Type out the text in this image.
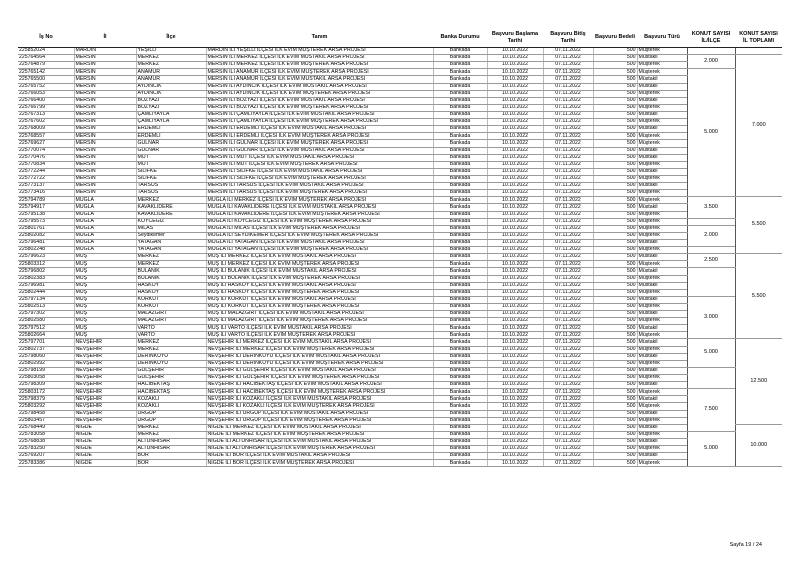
İş No	İl	İlçe	Tanım	Banka Durumu	Başvuru Başlama Tarihi	Başvuru Bitiş Tarihi	Başvuru Bedeli	Başvuru Türü	KONUT SAYISI İL/İLÇE	KONUT SAYISI İL TOPLAMI
225852024	MARDİN	YEŞİLLİ	MARDİN İLİ YEŞİLLİ İLÇESİ İLK EVİM MUŞTEREK ARSA PROJESİ	Bankada	10.10.2022	07.11.2022	500	Müşterek		
225764564	MERSİN	MERKEZ	MERSİN İLİ MERKEZ İLÇESİ İLK EVİM MÜSTAKİL ARSA PROJESİ	Bankada	10.10.2022	07.11.2022	500	Müstakil	2.000	7.000
225764879	MERSİN	MERKEZ	MERSİN İLİ MERKEZ İLÇESİ İLK EVİM MUŞTEREK ARSA PROJESİ	Bankada	10.10.2022	07.11.2022	500	Müşterek		
225765142	MERSİN	ANAMUR	MERSİN İLİ ANAMUR İLÇESİ İLK EVİM MUŞTEREK ARSA PROJESİ	Bankada	10.10.2022	07.11.2022	500	Müşterek	5.000	
225765500	MERSİN	ANAMUR	MERSİN İLİ ANAMUR İLÇESİ İLK EVİM MÜSTAKİL ARSA PROJESİ	Bankada	10.10.2022	07.11.2022	500	Müstakil		
225765752	MERSİN	AYDINCIK	MERSİN İLİ AYDINCIK İLÇESİ İLK EVİM MÜSTAKİL ARSA PROJESİ	Bankada	10.10.2022	07.11.2022	500	Müstakil		
225766053	MERSİN	AYDINCIK	MERSİN İLİ AYDINCIK İLÇESİ İLK EVİM MUŞTEREK ARSA PROJESİ	Bankada	10.10.2022	07.11.2022	500	Müşterek		
225766400	MERSİN	BOZYAZI	MERSİN İLİ BOZYAZI İLÇESİ İLK EVİM MÜSTAKİL ARSA PROJESİ	Bankada	10.10.2022	07.11.2022	500	Müstakil		
225766799	MERSİN	BOZYAZI	MERSİN İLİ BOZYAZI İLÇESİ İLK EVİM MUŞTEREK ARSA PROJESİ	Bankada	10.10.2022	07.11.2022	500	Müşterek		
225767313	MERSİN	ÇAMLIYAYLA	MERSİN İLİ ÇAMLIYAYLA İLÇESİ İLK EVİM MÜSTAKİL ARSA PROJESİ	Bankada	10.10.2022	07.11.2022	500	Müstakil		
225767602	MERSİN	ÇAMLIYAYLA	MERSİN İLİ ÇAMLIYAYLA İLÇESİ İLK EVİM MUŞTEREK ARSA PROJESİ	Bankada	10.10.2022	07.11.2022	500	Müşterek		
225768009	MERSİN	ERDEMLİ	MERSİN İLİ ERDEMLİ İLÇESİ İLK EVİM MÜSTAKİL ARSA PROJESİ	Bankada	10.10.2022	07.11.2022	500	Müstakil		
225768557	MERSİN	ERDEMLİ	MERSİN İLİ ERDEMLİ İLÇESİ İLK EVİM MUŞTEREK ARSA PROJESİ	Bankada	10.10.2022	07.11.2022	500	Müşterek		
225769627	MERSİN	GÜLNAR	MERSİN İLİ GÜLNAR İLÇESİ İLK EVİM MUŞTEREK ARSA PROJESİ	Bankada	10.10.2022	07.11.2022	500	Müşterek		
225770074	MERSİN	GÜLNAR	MERSİN İLİ GÜLNAR İLÇESİ İLK EVİM MÜSTAKİL ARSA PROJESİ	Bankada	10.10.2022	07.11.2022	500	Müstakil		
225770476	MERSİN	MUT	MERSİN İLİ MUT İLÇESİ İLK EVİM MÜSTAKİL ARSA PROJESİ	Bankada	10.10.2022	07.11.2022	500	Müstakil		
225770834	MERSİN	MUT	MERSİN İLİ MUT İLÇESİ İLK EVİM MUŞTEREK ARSA PROJESİ	Bankada	10.10.2022	07.11.2022	500	Müşterek		
225772244	MERSİN	SİLİFKE	MERSİN İLİ SİLİFKE İLÇESİ İLK EVİM MÜSTAKİL ARSA PROJESİ	Bankada	10.10.2022	07.11.2022	500	Müstakil		
225772722	MERSİN	SİLİFKE	MERSİN İLİ SİLİFKE İLÇESİ İLK EVİM MUŞTEREK ARSA PROJESİ	Bankada	10.10.2022	07.11.2022	500	Müşterek		
225773137	MERSİN	TARSUS	MERSİN İLİ TARSUS İLÇESİ İLK EVİM MÜSTAKİL ARSA PROJESİ	Bankada	10.10.2022	07.11.2022	500	Müstakil		
225773416	MERSİN	TARSUS	MERSİN İLİ TARSUS İLÇESİ İLK EVİM MUŞTEREK ARSA PROJESİ	Bankada	10.10.2022	07.11.2022	500	Müşterek		
225794789	MUĞLA	MERKEZ	MUĞLA İLİ MERKEZ İLÇESİ İLK EVİM MUŞTEREK ARSA PROJESİ	Bankada	10.10.2022	07.11.2022	500	Müşterek	3.500	5.500
225794917	MUĞLA	KAVAKLIDERE	MUĞLA İLİ KAVAKLIDERE İLÇESİ İLK EVİM MÜSTAKİL ARSA PROJESİ	Bankada	10.10.2022	07.11.2022	500	Müstakil		
225795138	MUĞLA	KAVAKLIDERE	MUĞLA İLİ KAVAKLIDERE İLÇESİ İLK EVİM MUŞTEREK ARSA PROJESİ	Bankada	10.10.2022	07.11.2022	500	Müşterek		
225795573	MUĞLA	KÖYCEĞİZ	MUĞLA İLİ KÖYCEĞİZ İLÇESİ İLK EVİM MUŞTEREK ARSA PROJESİ	Bankada	10.10.2022	07.11.2022	500	Müşterek		
225801761	MUĞLA	MİLAS	MUĞLA İLİ MİLAS İLÇESİ İLK EVİM MUŞTEREK ARSA PROJESİ	Bankada	10.10.2022	07.11.2022	500	Müşterek	2.000	
225802082	MUĞLA	Seydikemer	MUĞLA İLİ SEYDİKEMER İLÇESİ İLK EVİM MUŞTEREK ARSA PROJESİ	Bankada	10.10.2022	07.11.2022	500	Müşterek		
225796481	MUĞLA	YATAĞAN	MUĞLA İLİ YATAĞAN İLÇESİ İLK EVİM MÜSTAKİL ARSA PROJESİ	Bankada	10.10.2022	07.11.2022	500	Müstakil		
225802248	MUĞLA	YATAĞAN	MUĞLA İLİ YATAĞAN İLÇESİ İLK EVİM MUŞTEREK ARSA PROJESİ	Bankada	10.10.2022	07.11.2022	500	Müşterek		
225796623	MUŞ	MERKEZ	MUŞ İLİ MERKEZ İLÇESİ İLK EVİM MÜSTAKİL ARSA PROJESİ	Bankada	10.10.2022	07.11.2022	500	Müstakil	2.500	5.500
225803312	MUŞ	MERKEZ	MUŞ İLİ MERKEZ İLÇESİ İLK EVİM MUŞTEREK ARSA PROJESİ	Bankada	10.10.2022	07.11.2022	500	Müşterek		
225796802	MUŞ	BULANIK	MUŞ İLİ BULANIK İLÇESİ İLK EVİM MÜSTAKİL ARSA PROJESİ	Bankada	10.10.2022	07.11.2022	500	Müstakil		
225802383	MUŞ	BULANIK	MUŞ İLİ BULANIK İLÇESİ İLK EVİM MUŞTEREK ARSA PROJESİ	Bankada	10.10.2022	07.11.2022	500	Müşterek		
225796981	MUŞ	HASKÖY	MUŞ İLİ HASKÖY İLÇESİ İLK EVİM MÜSTAKİL ARSA PROJESİ	Bankada	10.10.2022	07.11.2022	500	Müstakil		
225802444	MUŞ	HASKÖY	MUŞ İLİ HASKÖY İLÇESİ İLK EVİM MUŞTEREK ARSA PROJESİ	Bankada	10.10.2022	07.11.2022	500	Müşterek		
225797134	MUŞ	KORKUT	MUŞ İLİ KORKUT İLÇESİ İLK EVİM MÜSTAKİL ARSA PROJESİ	Bankada	10.10.2022	07.11.2022	500	Müstakil	3.000	
225802513	MUŞ	KORKUT	MUŞ İLİ KORKUT İLÇESİ İLK EVİM MUŞTEREK ARSA PROJESİ	Bankada	10.10.2022	07.11.2022	500	Müşterek		
225797302	MUŞ	MALAZGİRT	MUŞ İLİ MALAZGİRT İLÇESİ İLK EVİM MÜSTAKİL ARSA PROJESİ	Bankada	10.10.2022	07.11.2022	500	Müstakil		
225802580	MUŞ	MALAZGİRT	MUŞ İLİ MALAZGİRT İLÇESİ İLK EVİM MUŞTEREK ARSA PROJESİ	Bankada	10.10.2022	07.11.2022	500	Müşterek		
225797512	MUŞ	VARTO	MUŞ İLİ VARTO İLÇESİ İLK EVİM MÜSTAKİL ARSA PROJESİ	Bankada	10.10.2022	07.11.2022	500	Müstakil		
225802664	MUŞ	VARTO	MUŞ İLİ VARTO İLÇESİ İLK EVİM MUŞTEREK ARSA PROJESİ	Bankada	10.10.2022	07.11.2022	500	Müşterek		
225797701	NEVŞEHİR	MERKEZ	NEVŞEHİR İLİ MERKEZ İLÇESİ İLK EVİM MÜSTAKİL ARSA PROJESİ	Bankada	10.10.2022	07.11.2022	500	Müstakil	5.000	12.500
225802737	NEVŞEHİR	MERKEZ	NEVŞEHİR İLİ MERKEZ İLÇESİ İLK EVİM MUŞTEREK ARSA PROJESİ	Bankada	10.10.2022	07.11.2022	500	Müşterek		
225798060	NEVŞEHİR	DERİNKUYU	NEVŞEHİR İLİ DERİNKUYU İLÇESİ İLK EVİM MÜSTAKİL ARSA PROJESİ	Bankada	10.10.2022	07.11.2022	500	Müstakil		
225802992	NEVŞEHİR	DERİNKUYU	NEVŞEHİR İLİ DERİNKUYU İLÇESİ İLK EVİM MUŞTEREK ARSA PROJESİ	Bankada	10.10.2022	07.11.2022	500	Müşterek		
225798199	NEVŞEHİR	GÜLŞEHİR	NEVŞEHİR İLİ GÜLŞEHİR İLÇESİ İLK EVİM MÜSTAKİL ARSA PROJESİ	Bankada	10.10.2022	07.11.2022	500	Müstakil		
225803058	NEVŞEHİR	GÜLŞEHİR	NEVŞEHİR İLİ GÜLŞEHİR İLÇESİ İLK EVİM MUŞTEREK ARSA PROJESİ	Bankada	10.10.2022	07.11.2022	500	Müşterek		
225798309	NEVŞEHİR	HACIBEKTAŞ	NEVŞEHİR İLİ HACIBEKTAŞ İLÇESİ İLK EVİM MÜSTAKİL ARSA PROJESİ	Bankada	10.10.2022	07.11.2022	500	Müstakil		
225803172	NEVŞEHİR	HACIBEKTAŞ	NEVŞEHİR İLİ HACIBEKTAŞ İLÇESİ İLK EVİM MUŞTEREK ARSA PROJESİ	Bankada	10.10.2022	07.11.2022	500	Müşterek	7.500	
225798379	NEVŞEHİR	KOZAKLI	NEVŞEHİR İLİ KOZAKLI İLÇESİ İLK EVİM MÜSTAKİL ARSA PROJESİ	Bankada	10.10.2022	07.11.2022	500	Müstakil		
225803292	NEVŞEHİR	KOZAKLI	NEVŞEHİR İLİ KOZAKLI İLÇESİ İLK EVİM MUŞTEREK ARSA PROJESİ	Bankada	10.10.2022	07.11.2022	500	Müşterek		
225798458	NEVŞEHİR	ÜRGÜP	NEVŞEHİR İLİ ÜRGÜP İLÇESİ İLK EVİM MÜSTAKİL ARSA PROJESİ	Bankada	10.10.2022	07.11.2022	500	Müstakil		
225803457	NEVŞEHİR	ÜRGÜP	NEVŞEHİR İLİ ÜRGÜP İLÇESİ İLK EVİM MUŞTEREK ARSA PROJESİ	Bankada	10.10.2022	07.11.2022	500	Müşterek		
225768449	NİĞDE	MERKEZ	NİĞDE İLİ MERKEZ İLÇESİ İLK EVİM MÜSTAKİL ARSA PROJESİ	Bankada	10.10.2022	07.11.2022	500	Müstakil		10.000
225783058	NİĞDE	MERKEZ	NİĞDE İLİ MERKEZ İLÇESİ İLK EVİM MUŞTEREK ARSA PROJESİ	Bankada	10.10.2022	07.11.2022	500	Müşterek	5.000	
225768838	NİĞDE	ALTUNHİSAR	NİĞDE İLİ ALTUNHİSAR İLÇESİ İLK EVİM MÜSTAKİL ARSA PROJESİ	Bankada	10.10.2022	07.11.2022	500	Müstakil		
225783250	NİĞDE	ALTUNHİSAR	NİĞDE İLİ ALTUNHİSAR İLÇESİ İLK EVİM MUŞTEREK ARSA PROJESİ	Bankada	10.10.2022	07.11.2022	500	Müşterek		
225769207	NİĞDE	BOR	NİĞDE İLİ BOR İLÇESİ İLK EVİM MÜSTAKİL ARSA PROJESİ	Bankada	10.10.2022	07.11.2022	500	Müstakil		
225783386	NİĞDE	BOR	NİĞDE İLİ BOR İLÇESİ İLK EVİM MUŞTEREK ARSA PROJESİ	Bankada	10.10.2022	07.11.2022	500	Müşterek		
Sayfa 19 / 24
